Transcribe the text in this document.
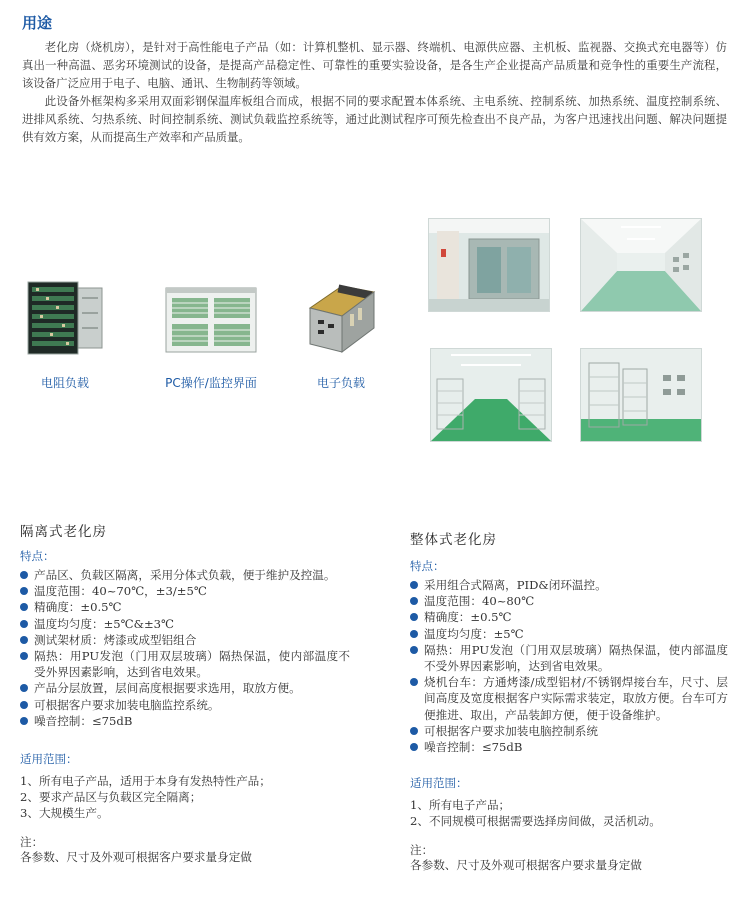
用途

老化房（烧机房），是针对于高性能电子产品（如：计算机整机、显示器、终端机、电源供应器、主机板、监视器、交换式充电器等）仿真出一种高温、恶劣环境测试的设备，是提高产品稳定性、可靠性的重要实验设备，是各生产企业提高产品质量和竞争性的重要生产流程，该设备广泛应用于电子、电脑、通讯、生物制药等领域。

此设备外框架构多采用双面彩钢保温库板组合而成，根据不同的要求配置本体系统、主电系统、控制系统、加热系统、温度控制系统、进排风系统、匀热系统、时间控制系统、测试负载监控系统等，通过此测试程序可预先检查出不良产品，为客户迅速找出问题、解决问题提供有效方案，从而提高生产效率和产品质量。

电阻负载	PC操作/监控界面	电子负载
隔离式老化房
特点：
产品区、负载区隔离，采用分体式负载，便于维护及控温。
温度范围：40~70℃，±3/±5℃
精确度：±0.5℃
温度均匀度：±5℃&±3℃
测试架材质：烤漆或成型铝组合
隔热：用PU发泡（门用双层玻璃）隔热保温，使内部温度不受外界因素影响，达到省电效果。
产品分层放置，层间高度根据要求选用，取放方便。
可根据客户要求加装电脑监控系统。
噪音控制：≤75dB
适用范围：
1、所有电子产品，适用于本身有发热特性产品；
2、要求产品区与负载区完全隔离；
3、大规模生产。
注：
各参数、尺寸及外观可根据客户要求量身定做
整体式老化房
特点：
采用组合式隔离，PID&闭环温控。
温度范围：40~80℃
精确度：±0.5℃
温度均匀度：±5℃
隔热：用PU发泡（门用双层玻璃）隔热保温，使内部温度不受外界因素影响，达到省电效果。
烧机台车：方通烤漆/成型铝材/不锈钢焊接台车，尺寸、层间高度及宽度根据客户实际需求装定，取放方便。台车可方便推进、取出，产品装卸方便，便于设备维护。
可根据客户要求加装电脑控制系统
噪音控制：≤75dB
适用范围：
1、所有电子产品；
2、不同规模可根据需要选择房间做，灵活机动。
注：
各参数、尺寸及外观可根据客户要求量身定做
